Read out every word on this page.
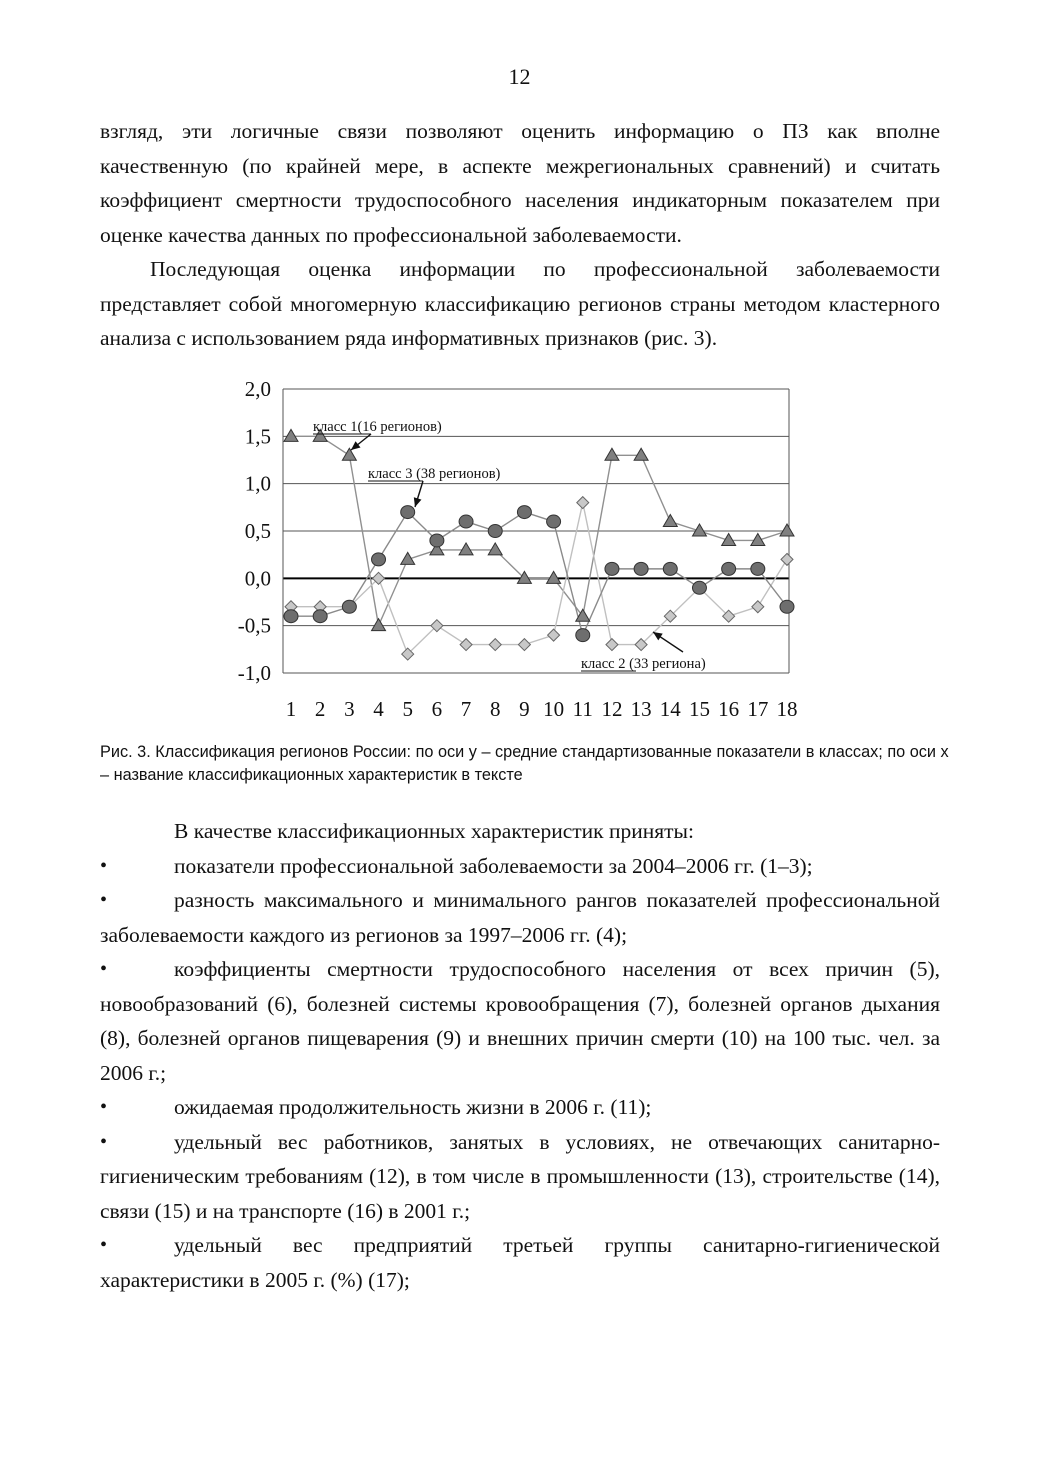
12

взгляд, эти логичные связи позволяют оценить информацию о ПЗ как вполне качественную (по крайней мере, в аспекте межрегиональных сравнений) и считать коэффициент смертности трудоспособного населения индикаторным показателем при оценке качества данных по профессиональной заболеваемости.

Последующая оценка информации по профессиональной заболеваемости представляет собой многомерную классификацию регионов страны методом кластерного анализа с использованием ряда информативных признаков (рис. 3).

2,0
1,5
1,0
0,5
0,0
-0,5
-1,0
1 2 3 4 5 6 7 8 9 10 11 12 13 14 15 16 17 18
класс 1(16 регионов)
класс 3 (38 регионов)
класс 2 (33 региона)
Рис. 3. Классификация регионов России: по оси y – средние стандартизованные показатели в классах; по оси x – название классификационных характеристик в тексте

В качестве классификационных характеристик приняты:

•	показатели профессиональной заболеваемости за 2004–2006 гг. (1–3);

•	разность максимального и минимального рангов показателей профессиональной заболеваемости каждого из регионов за 1997–2006 гг. (4);

•	коэффициенты смертности трудоспособного населения от всех причин (5), новообразований (6), болезней системы кровообращения (7), болезней органов дыхания (8), болезней органов пищеварения (9) и внешних причин смерти (10) на 100 тыс. чел. за 2006 г.;

•	ожидаемая продолжительность жизни в 2006 г. (11);

•	удельный вес работников, занятых в условиях, не отвечающих санитарно-гигиеническим требованиям (12), в том числе в промышленности (13), строительстве (14), связи (15) и на транспорте (16) в 2001 г.;

•	удельный вес предприятий третьей группы санитарно-гигиенической характеристики в 2005 г. (%) (17);
